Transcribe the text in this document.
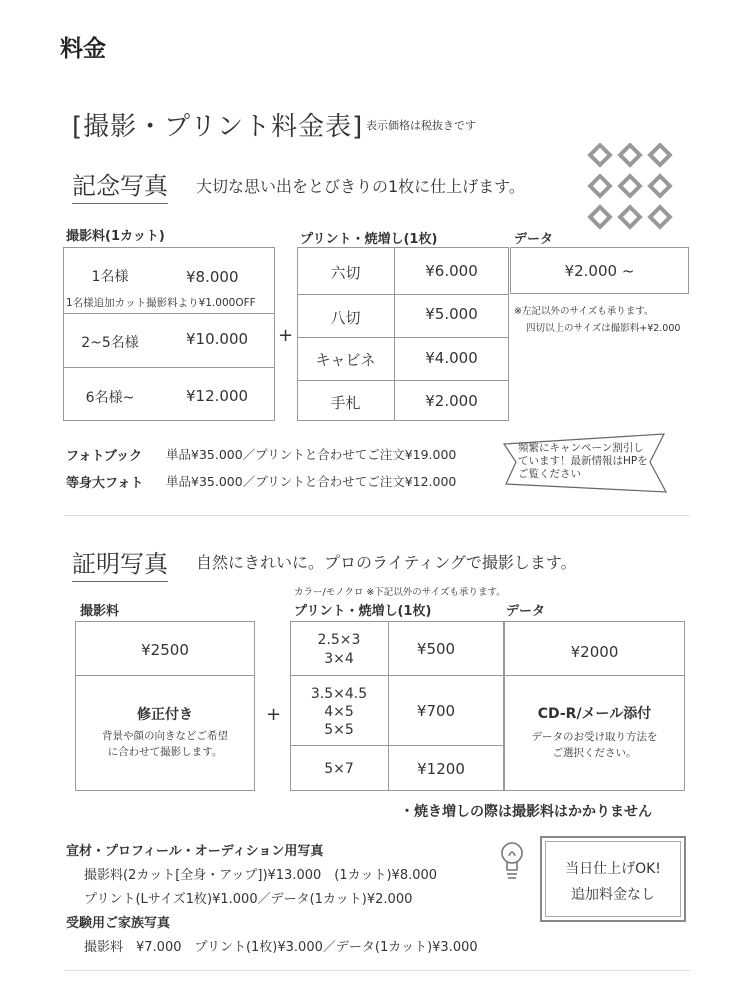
料金
[撮影・プリント料金表] 表示価格は税抜きです
記念写真 大切な思い出をとびきりの1枚に仕上げます。
撮影料(1カット)	プリント・焼増し(1枚)	データ
1名様	¥8.000
1名様追加カット撮影料より¥1.000OFF
2~5名様	¥10.000
6名様~	¥12.000
+
六切	¥6.000
八切	¥5.000
キャビネ	¥4.000
手札	¥2.000
¥2.000 ~
※左記以外のサイズも承ります。
四切以上のサイズは撮影料+¥2.000
フォトブック 単品¥35.000／プリントと合わせてご注文¥19.000
等身大フォト 単品¥35.000／プリントと合わせてご注文¥12.000
頻繁にキャンペーン割引しています！最新情報はHPをご覧ください
証明写真 自然にきれいに。プロのライティングで撮影します。
カラー/モノクロ ※下記以外のサイズも承ります。
撮影料	プリント・焼増し(1枚)	データ
¥2500
修正付き
背景や顔の向きなどご希望
に合わせて撮影します。
+
2.5×3
3×4
¥500
3.5×4.5
4×5
5×5
¥700
5×7	¥1200
¥2000
CD-R/メール添付
データのお受け取り方法を
ご選択ください。
・焼き増しの際は撮影料はかかりません
宣材・プロフィール・オーディション用写真
撮影料(2カット[全身・アップ])¥13.000　(1カット)¥8.000
プリント(Lサイズ1枚)¥1.000／データ(1カット)¥2.000
受験用ご家族写真
撮影料　¥7.000　プリント(1枚)¥3.000／データ(1カット)¥3.000
当日仕上げOK!
追加料金なし
